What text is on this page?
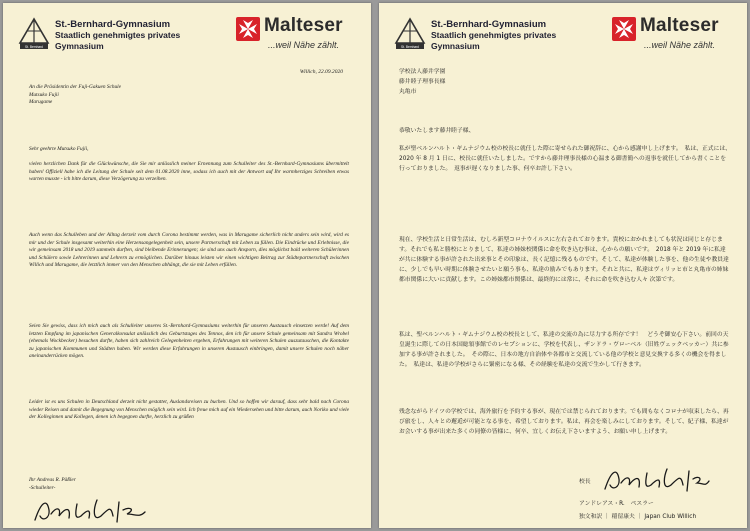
St. Bernhard
St.-Bernhard-Gymnasium
Staatlich genehmigtes privates Gymnasium
Malteser
...weil Nähe zählt.
Willich, 22.09.2020
An die Präsidentin der Fuji-Gakuen Schule
Mutsuko Fujii
Marugame
Sehr geehrte Mutsuko Fujii,
vielen herzlichen Dank für die Glückwünsche, die Sie mir anlässlich meiner Ernennung zum Schulleiter des St.-Bernhard-Gymnasiums übermittelt haben! Offiziell habe ich die Leitung der Schule seit dem 01.08.2020 inne, sodass ich auch mit der Antwort auf Ihr warmherziges Schreiben etwas warten musste - ich bitte darum, diese Verzögerung zu verzeihen.
Auch wenn das Schulleben und der Alltag derzeit vom durch Corona bestimmt werden, was in Marugame sicherlich nicht anders sein wird, wird es mir und der Schule insgesamt weiterhin eine Herzensangelegenheit sein, unsere Partnerschaft mit Leben zu füllen. Die Eindrücke und Erlebnisse, die wir gemeinsam 2018 und 2019 sammeln durften, sind bleibende Erinnerungen; sie sind uns auch Ansporn, dies möglichst bald weiteren Schülerinnen und Schülern sowie Lehrerinnen und Lehrern zu ermöglichen. Darüber hinaus leisten wir einen wichtigen Beitrag zur Städtepartnerschaft zwischen Willich und Marugame, die letztlich immer von den Menschen abhängt, die sie mit Leben erfüllen.
Seien Sie gewiss, dass ich mich auch als Schulleiter unseres St.-Bernhard-Gymnasiums weiterhin für unseren Austausch einsetzen werde! Auf dem letzten Empfang im japanischen Generalkonsulat anlässlich des Geburtstages des Tennos, den ich für unsere Schule gemeinsam mit Sandra Wrobel (ehemals Wockbecker) besuchen durfte, haben sich zahlreich Gelegenheiten ergeben, Erfahrungen mit weiteren Schulen auszutauschen, die Kontakte zu japanischen Kommunen und Städten haben. Wir werden diese Erfahrungen in unseren Austausch einbringen, damit unsere Schulen noch näher aneinanderrücken mögen.
Leider ist es uns Schulen in Deutschland derzeit nicht gestattet, Auslandsreisen zu buchen. Und so hoffen wir darauf, dass sehr bald nach Corona wieder Reisen und damit die Begegnung von Menschen möglich sein wird. Ich freue mich auf ein Wiedersehen und bitte darum, auch Noriko und viele der Kolleginnen und Kollegen, denen ich begegnen durfte, herzlich zu grüßen
Ihr Andreas R. Päßler
-Schulleiter-
St. Bernhard
St.-Bernhard-Gymnasium
Staatlich genehmigtes privates Gymnasium
Malteser
...weil Nähe zählt.
学校法人藤井学園
藤井睦子理事長様
丸亀市
恭敬いたします藤井睦子様、
私が聖ベルンハルト・ギムナジウム校の校長に就任した際に寄せられた御祝辞に、心から感謝申し上げます。　私は、正式には、2020 年 8 月 1 日に、校長に就任いたしました。ですから藤井理事長様の心温まる御書簡への返事を就任してから書くことを行っておりました。　返事が遅くなりました事、何卒お許し下さい。
現在、学校生活と日常生活は、むしろ新型コロナウイルスに左右されております。貴校におかれましても状況は同じと存じます。それでも私と勝校にとりまして、私達の姉妹校関係に命を吹き込む事は、心からの願いです。　2018 年と 2019 年に私達が共に体験する事が許された出来事とその印象は、長く記憶に残るものです。そして、私達が体験した事を、他の生徒や教員達に、少しでも早い時期に体験させたいと願う事も、私達の励みでもあります。それと共に、私達はヴィリッヒ市と丸亀市の姉妹都市関係に大いに貢献します。この姉妹都市関係は、最終的には常に、それに命を吹き込む人々 次第です。
私は、聖ベルンハルト・ギムナジウム校の校長として、私達の交流の為に尽力する所存です！　どうぞ御安心下さい。前回の天皇誕生に際しての日本国総領事館でのレセプションに、学校を代表し、ザンドラ・ヴローベル（旧姓ヴェックベッカー）共に参加する事が許されました。　その際に、日本の地方自治体や各都市と交流している他の学校と意見交換する多くの機会を得ました。　私達は、私達の学校がさらに緊密になる様、その経験を私達の交流で生かして行きます。
残念ながらドイツの学校では、海外旅行を予約する事が、現在では禁じられております。でも間もなくコロナが収束したら、再び旅をし、人々との邂逅が可能となる事を、希望しております。私は、再会を楽しみにしております。そして、紀子様、私達がお会いする事が出来た多くの同僚の皆様に、何卒、宜しくお伝え下さいますよう、お願い申し上げます。
校長
アンドレアス・R.　ペスラー
独文和訳 ｜ 稲留康夫 ｜ Japan Club Willich
